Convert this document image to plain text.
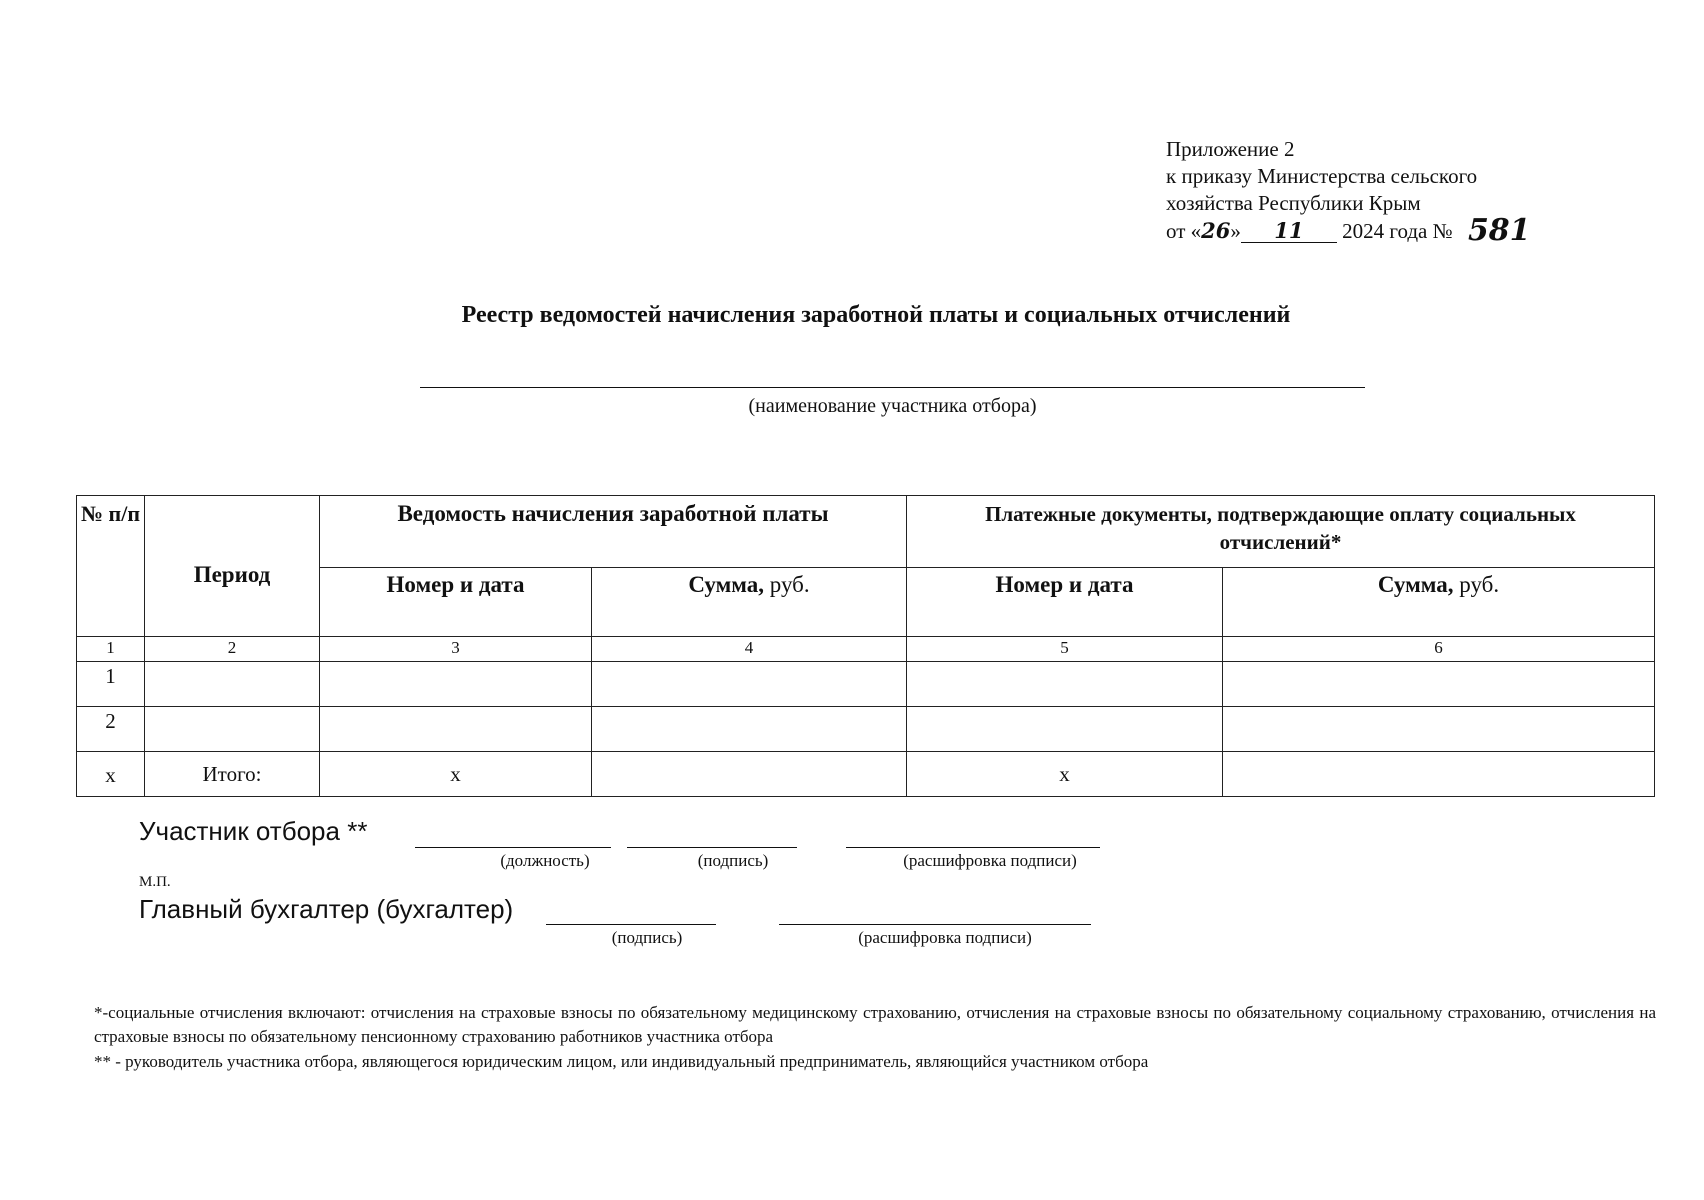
Приложение 2
к приказу Министерства сельского
хозяйства Республики Крым
от «26» 11 2024 года № 581
Реестр ведомостей начисления заработной платы и социальных отчислений
(наименование участника отбора)
№ п/п	Период	Ведомость начисления заработной платы		Платежные документы, подтверждающие оплату социальных отчислений*	
		Номер и дата	Сумма, руб.	Номер и дата	Сумма, руб.
1	2	3	4	5	6
1					
2					
x	Итого:	x		x	
Участник отбора **
(должность)	(подпись)	(расшифровка подписи)
М.П.
Главный бухгалтер (бухгалтер)
(подпись)	(расшифровка подписи)
*-социальные отчисления включают: отчисления на страховые взносы по обязательному медицинскому страхованию, отчисления на страховые взносы по обязательному социальному страхованию, отчисления на страховые взносы по обязательному пенсионному страхованию работников участника отбора
** - руководитель участника отбора, являющегося юридическим лицом, или индивидуальный предприниматель, являющийся участником отбора
